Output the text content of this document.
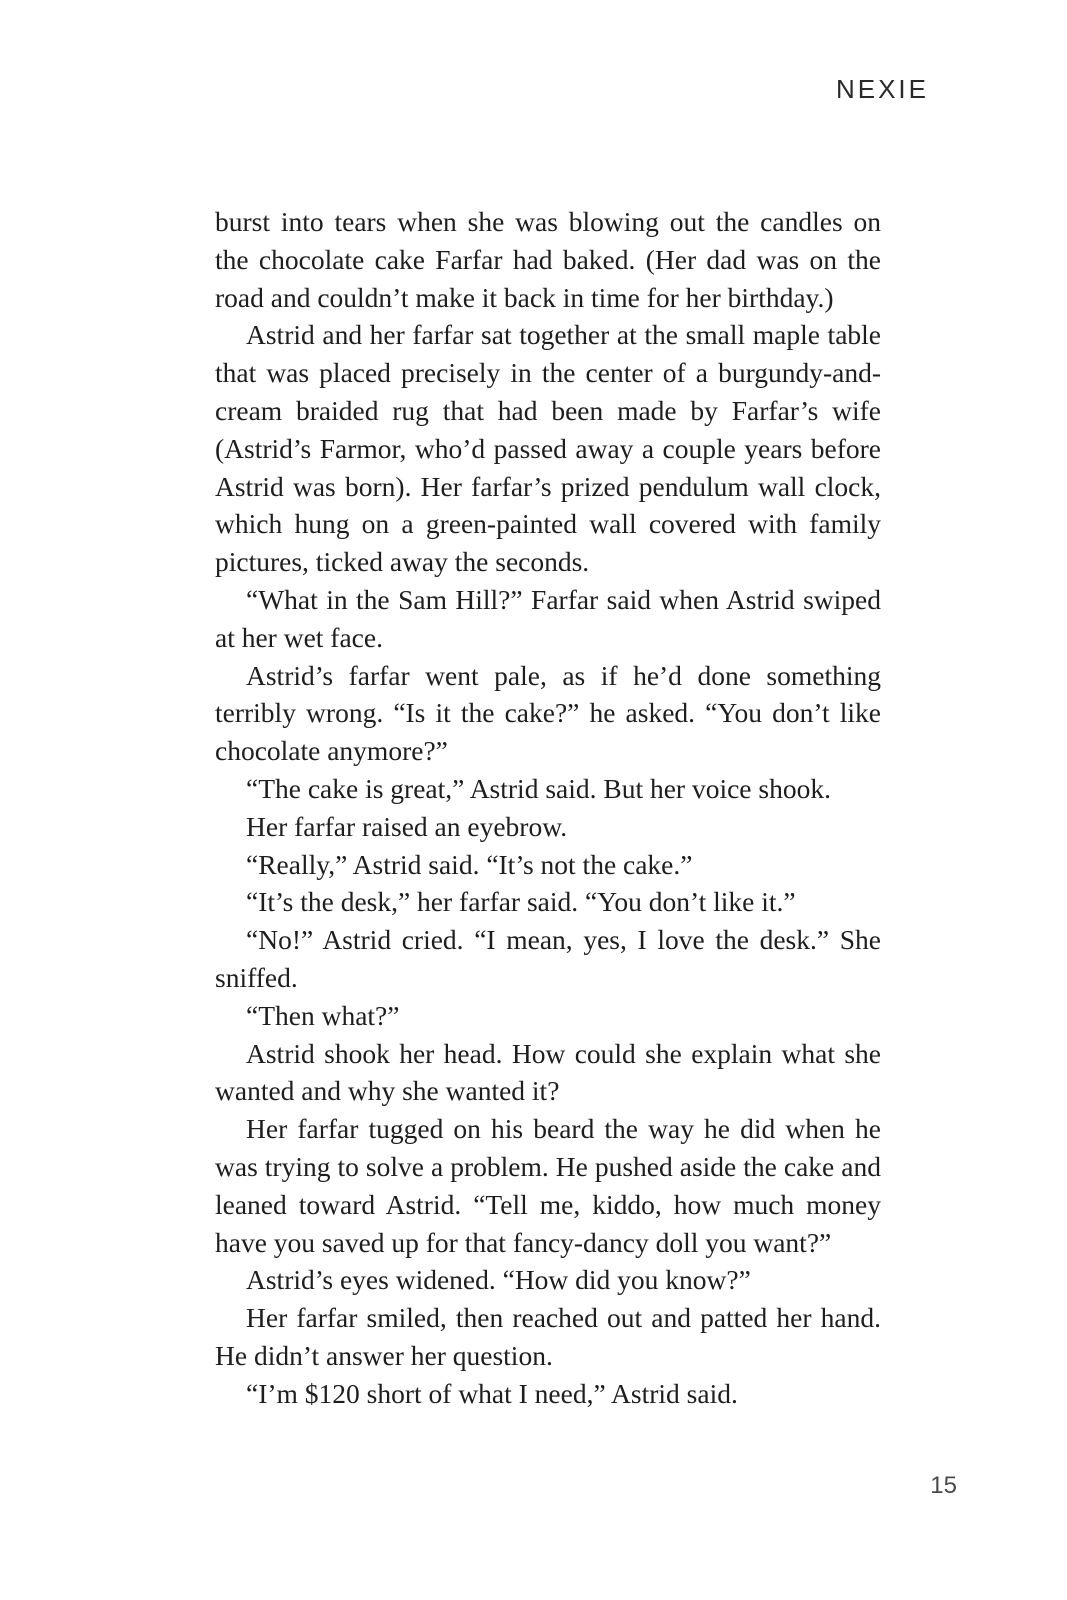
NEXIE

burst into tears when she was blowing out the candles on the chocolate cake Farfar had baked. (Her dad was on the road and couldn’t make it back in time for her birthday.)

Astrid and her farfar sat together at the small maple table that was placed precisely in the center of a burgundy-and-cream braided rug that had been made by Farfar’s wife (Astrid’s Farmor, who’d passed away a couple years before Astrid was born). Her farfar’s prized pendulum wall clock, which hung on a green-painted wall covered with family pictures, ticked away the seconds.

“What in the Sam Hill?” Farfar said when Astrid swiped at her wet face.

Astrid’s farfar went pale, as if he’d done something terribly wrong. “Is it the cake?” he asked. “You don’t like chocolate anymore?”

“The cake is great,” Astrid said. But her voice shook.

Her farfar raised an eyebrow.

“Really,” Astrid said. “It’s not the cake.”

“It’s the desk,” her farfar said. “You don’t like it.”

“No!” Astrid cried. “I mean, yes, I love the desk.” She sniffed.

“Then what?”

Astrid shook her head. How could she explain what she wanted and why she wanted it?

Her farfar tugged on his beard the way he did when he was trying to solve a problem. He pushed aside the cake and leaned toward Astrid. “Tell me, kiddo, how much money have you saved up for that fancy-dancy doll you want?”

Astrid’s eyes widened. “How did you know?”

Her farfar smiled, then reached out and patted her hand. He didn’t answer her question.

“I’m $120 short of what I need,” Astrid said.

15
